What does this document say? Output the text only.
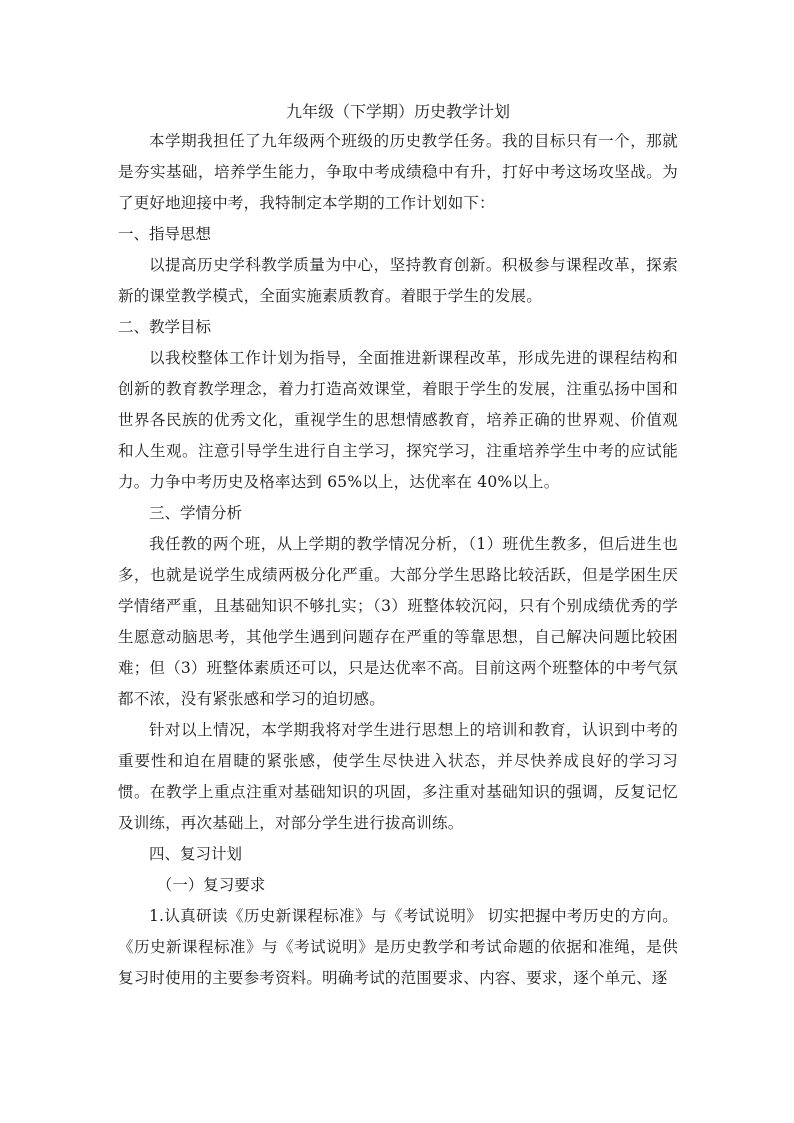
九年级（下学期）历史教学计划

本学期我担任了九年级两个班级的历史教学任务。我的目标只有一个，那就是夯实基础，培养学生能力，争取中考成绩稳中有升，打好中考这场攻坚战。为了更好地迎接中考，我特制定本学期的工作计划如下：

一、指导思想

以提高历史学科教学质量为中心，坚持教育创新。积极参与课程改革，探索新的课堂教学模式，全面实施素质教育。着眼于学生的发展。

二、教学目标

以我校整体工作计划为指导，全面推进新课程改革，形成先进的课程结构和创新的教育教学理念，着力打造高效课堂，着眼于学生的发展，注重弘扬中国和世界各民族的优秀文化，重视学生的思想情感教育，培养正确的世界观、价值观和人生观。注意引导学生进行自主学习，探究学习，注重培养学生中考的应试能力。力争中考历史及格率达到 65%以上，达优率在 40%以上。

三、学情分析

我任教的两个班，从上学期的教学情况分析，（1）班优生教多，但后进生也多，也就是说学生成绩两极分化严重。大部分学生思路比较活跃，但是学困生厌学情绪严重，且基础知识不够扎实；（3）班整体较沉闷，只有个别成绩优秀的学生愿意动脑思考，其他学生遇到问题存在严重的等靠思想，自己解决问题比较困难；但（3）班整体素质还可以，只是达优率不高。目前这两个班整体的中考气氛都不浓，没有紧张感和学习的迫切感。

针对以上情况，本学期我将对学生进行思想上的培训和教育，认识到中考的重要性和迫在眉睫的紧张感，使学生尽快进入状态，并尽快养成良好的学习习惯。在教学上重点注重对基础知识的巩固，多注重对基础知识的强调，反复记忆及训练，再次基础上，对部分学生进行拔高训练。

四、复习计划

（一）复习要求

1.认真研读《历史新课程标准》与《考试说明》 切实把握中考历史的方向。《历史新课程标准》与《考试说明》是历史教学和考试命题的依据和准绳，是供复习时使用的主要参考资料。明确考试的范围要求、内容、要求，逐个单元、逐
